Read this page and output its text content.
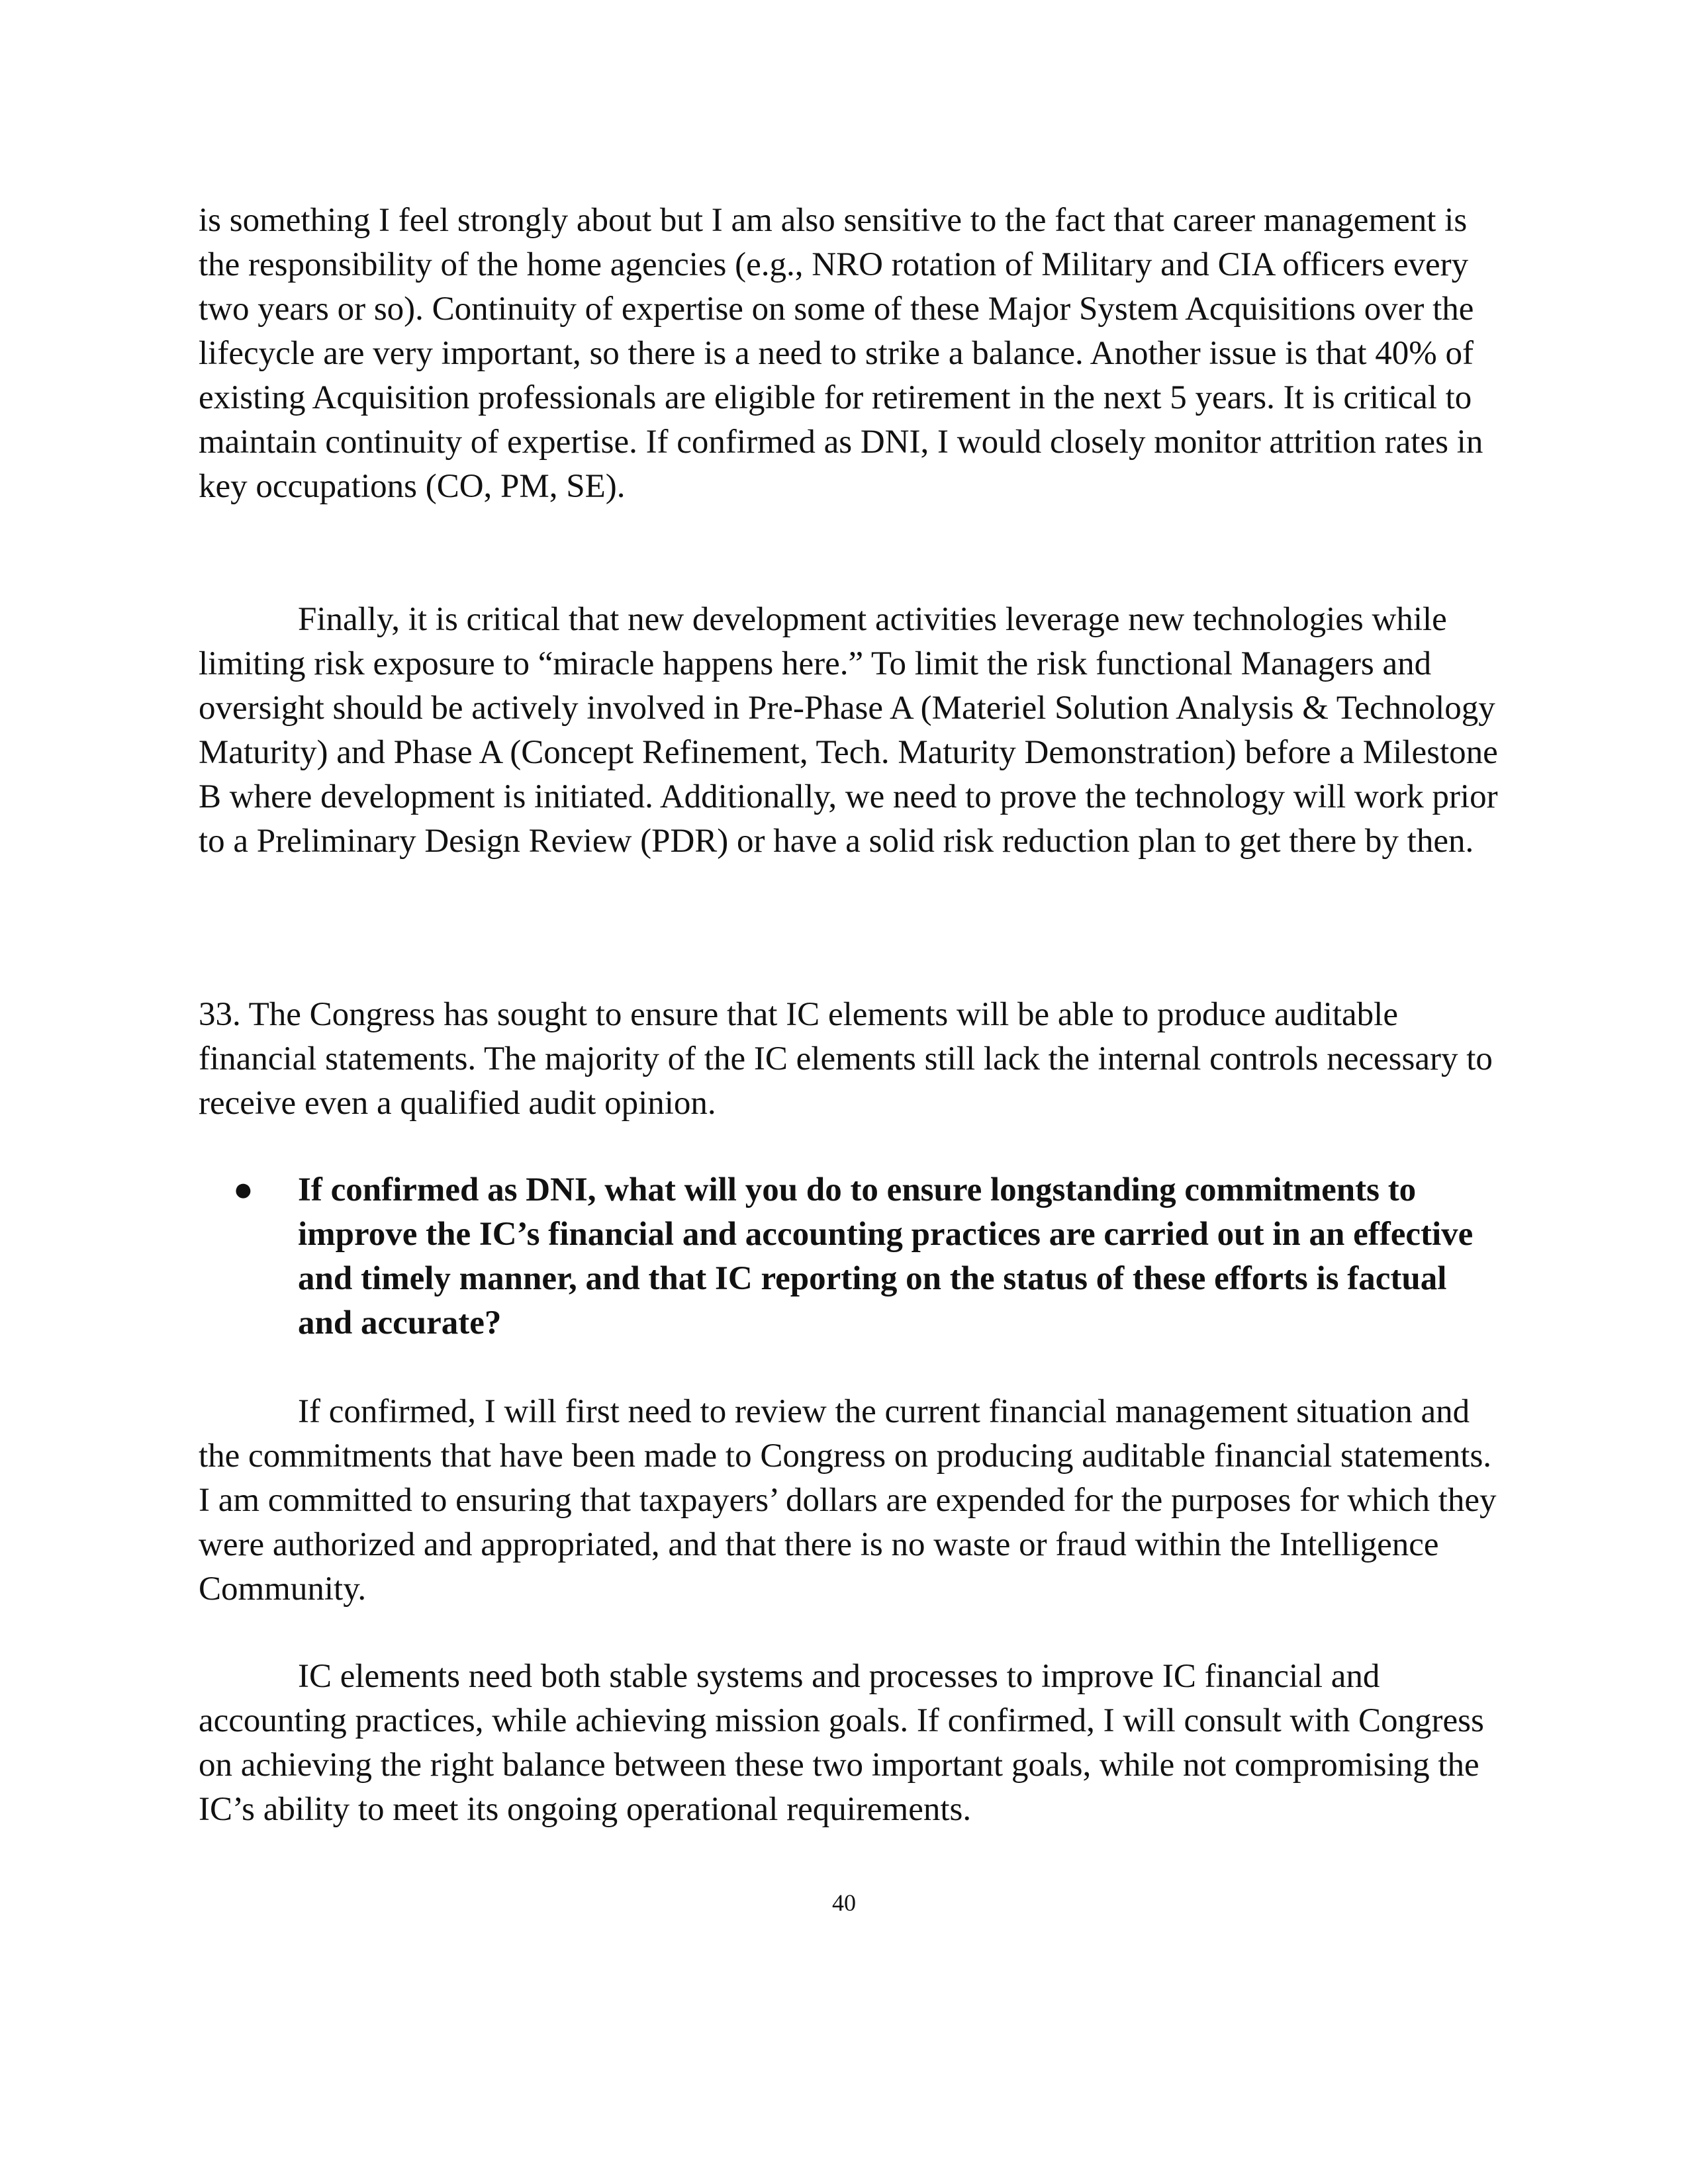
is something I feel strongly about but I am also sensitive to the fact that career management is the responsibility of the home agencies (e.g., NRO rotation of Military and CIA officers every two years or so). Continuity of expertise on some of these Major System Acquisitions over the lifecycle are very important, so there is a need to strike a balance. Another issue is that 40% of existing Acquisition professionals are eligible for retirement in the next 5 years. It is critical to maintain continuity of expertise. If confirmed as DNI, I would closely monitor attrition rates in key occupations (CO, PM, SE).

Finally, it is critical that new development activities leverage new technologies while limiting risk exposure to “miracle happens here.” To limit the risk functional Managers and oversight should be actively involved in Pre-Phase A (Materiel Solution Analysis & Technology Maturity) and Phase A (Concept Refinement, Tech. Maturity Demonstration) before a Milestone B where development is initiated. Additionally, we need to prove the technology will work prior to a Preliminary Design Review (PDR) or have a solid risk reduction plan to get there by then.

33. The Congress has sought to ensure that IC elements will be able to produce auditable financial statements. The majority of the IC elements still lack the internal controls necessary to receive even a qualified audit opinion.

● If confirmed as DNI, what will you do to ensure longstanding commitments to improve the IC’s financial and accounting practices are carried out in an effective and timely manner, and that IC reporting on the status of these efforts is factual and accurate?

If confirmed, I will first need to review the current financial management situation and the commitments that have been made to Congress on producing auditable financial statements. I am committed to ensuring that taxpayers’ dollars are expended for the purposes for which they were authorized and appropriated, and that there is no waste or fraud within the Intelligence Community.

IC elements need both stable systems and processes to improve IC financial and accounting practices, while achieving mission goals. If confirmed, I will consult with Congress on achieving the right balance between these two important goals, while not compromising the IC’s ability to meet its ongoing operational requirements.

40
